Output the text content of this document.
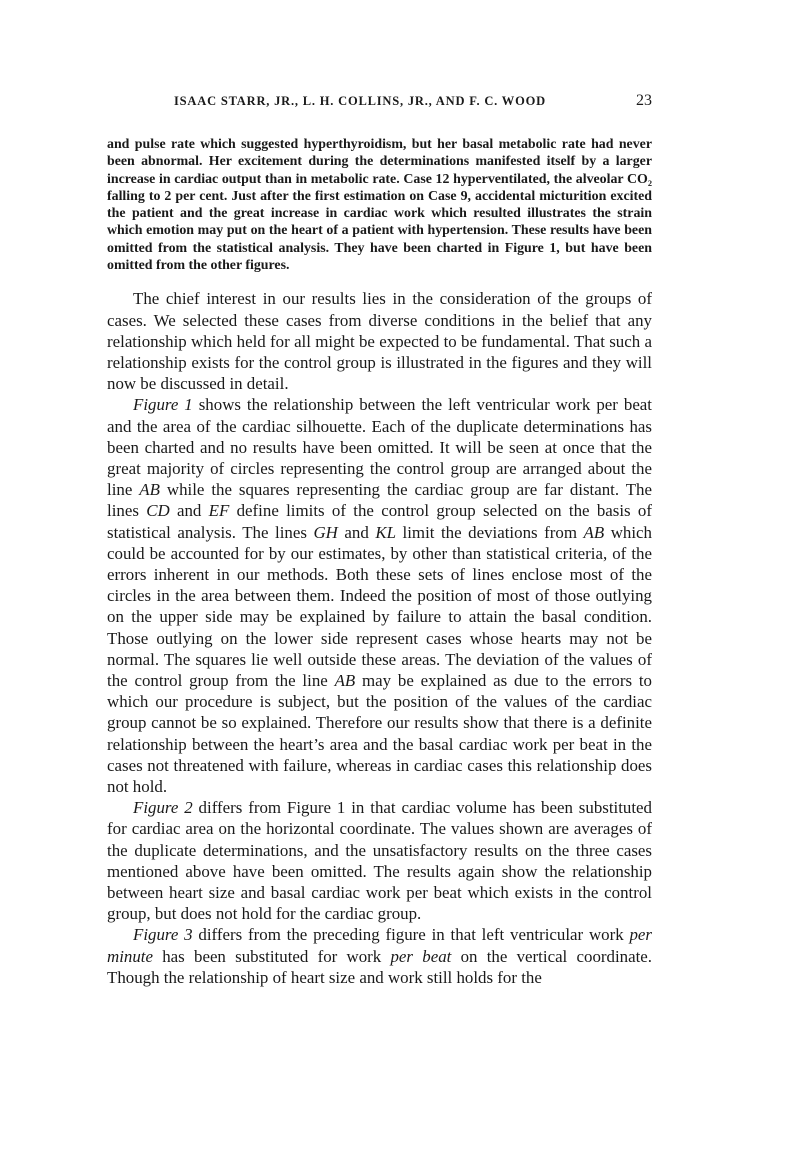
ISAAC STARR, JR., L. H. COLLINS, JR., AND F. C. WOOD	23

and pulse rate which suggested hyperthyroidism, but her basal metabolic rate had never been abnormal. Her excitement during the determinations manifested itself by a larger increase in cardiac output than in metabolic rate. Case 12 hyperventilated, the alveolar CO₂ falling to 2 per cent. Just after the first estimation on Case 9, accidental micturition excited the patient and the great increase in cardiac work which resulted illustrates the strain which emotion may put on the heart of a patient with hypertension. These results have been omitted from the statistical analysis. They have been charted in Figure 1, but have been omitted from the other figures.

The chief interest in our results lies in the consideration of the groups of cases. We selected these cases from diverse conditions in the belief that any relationship which held for all might be expected to be fundamental. That such a relationship exists for the control group is illustrated in the figures and they will now be discussed in detail.

Figure 1 shows the relationship between the left ventricular work per beat and the area of the cardiac silhouette. Each of the duplicate determinations has been charted and no results have been omitted. It will be seen at once that the great majority of circles representing the control group are arranged about the line AB while the squares representing the cardiac group are far distant. The lines CD and EF define limits of the control group selected on the basis of statistical analysis. The lines GH and KL limit the deviations from AB which could be accounted for by our estimates, by other than statistical criteria, of the errors inherent in our methods. Both these sets of lines enclose most of the circles in the area between them. Indeed the position of most of those outlying on the upper side may be explained by failure to attain the basal condition. Those outlying on the lower side represent cases whose hearts may not be normal. The squares lie well outside these areas. The deviation of the values of the control group from the line AB may be explained as due to the errors to which our procedure is subject, but the position of the values of the cardiac group cannot be so explained. Therefore our results show that there is a definite relationship between the heart’s area and the basal cardiac work per beat in the cases not threatened with failure, whereas in cardiac cases this relationship does not hold.

Figure 2 differs from Figure 1 in that cardiac volume has been substituted for cardiac area on the horizontal coordinate. The values shown are averages of the duplicate determinations, and the unsatisfactory results on the three cases mentioned above have been omitted. The results again show the relationship between heart size and basal cardiac work per beat which exists in the control group, but does not hold for the cardiac group.

Figure 3 differs from the preceding figure in that left ventricular work per minute has been substituted for work per beat on the vertical coordinate. Though the relationship of heart size and work still holds for the
